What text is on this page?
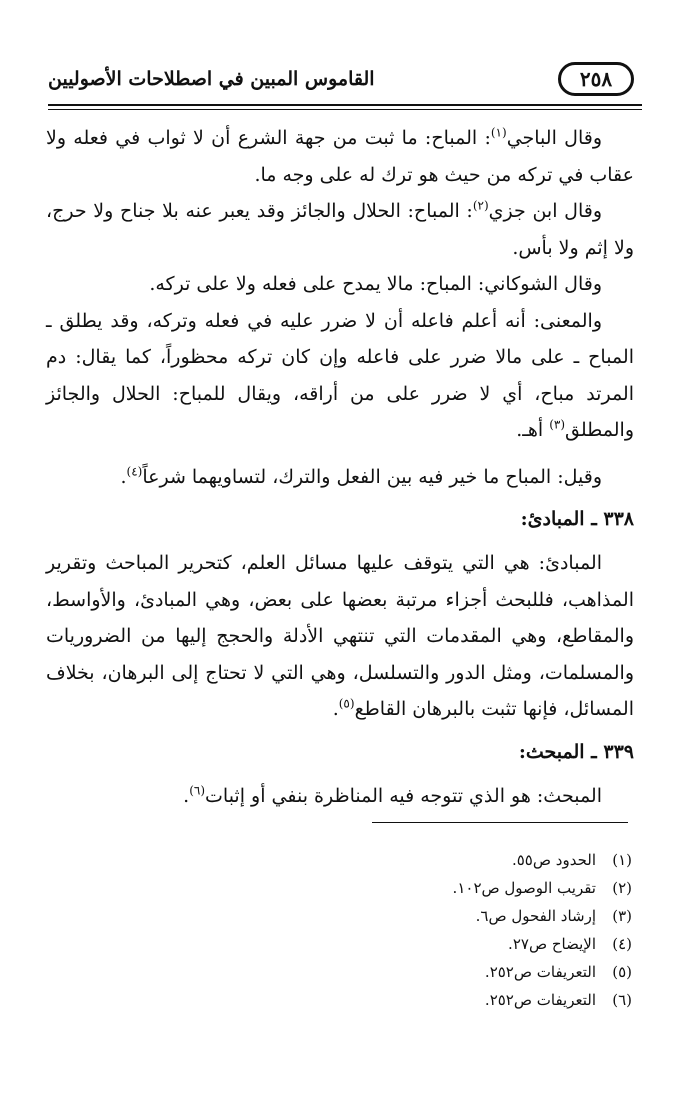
٢٥٨
القاموس المبين في اصطلاحات الأصوليين

وقال الباجي$^{(١)}$: المباح: ما ثبت من جهة الشرع أن لا ثواب في فعله ولا عقاب في تركه من حيث هو ترك له على وجه ما.

وقال ابن جزي$^{(٢)}$: المباح: الحلال والجائز وقد يعبر عنه بلا جناح ولا حرج، ولا إثم ولا بأس.

وقال الشوكاني: المباح: مالا يمدح على فعله ولا على تركه.

والمعنى: أنه أعلم فاعله أن لا ضرر عليه في فعله وتركه، وقد يطلق ـ المباح ـ على مالا ضرر على فاعله وإن كان تركه محظوراً، كما يقال: دم المرتد مباح، أي لا ضرر على من أراقه، ويقال للمباح: الحلال والجائز والمطلق$^{(٣)}$ أهـ.

وقيل: المباح ما خير فيه بين الفعل والترك، لتساويهما شرعاً$^{(٤)}$.

٣٣٨ ـ المبادئ:

المبادئ: هي التي يتوقف عليها مسائل العلم، كتحرير المباحث وتقرير المذاهب، فللبحث أجزاء مرتبة بعضها على بعض، وهي المبادئ، والأواسط، والمقاطع، وهي المقدمات التي تنتهي الأدلة والحجج إليها من الضروريات والمسلمات، ومثل الدور والتسلسل، وهي التي لا تحتاج إلى البرهان، بخلاف المسائل، فإنها تثبت بالبرهان القاطع$^{(٥)}$.

٣٣٩ ـ المبحث:

المبحث: هو الذي تتوجه فيه المناظرة بنفي أو إثبات$^{(٦)}$.

(١)
الحدود ص٥٥.
(٢)
تقريب الوصول ص١٠٢.
(٣)
إرشاد الفحول ص٦.
(٤)
الإيضاح ص٢٧.
(٥)
التعريفات ص٢٥٢.
(٦)
التعريفات ص٢٥٢.
